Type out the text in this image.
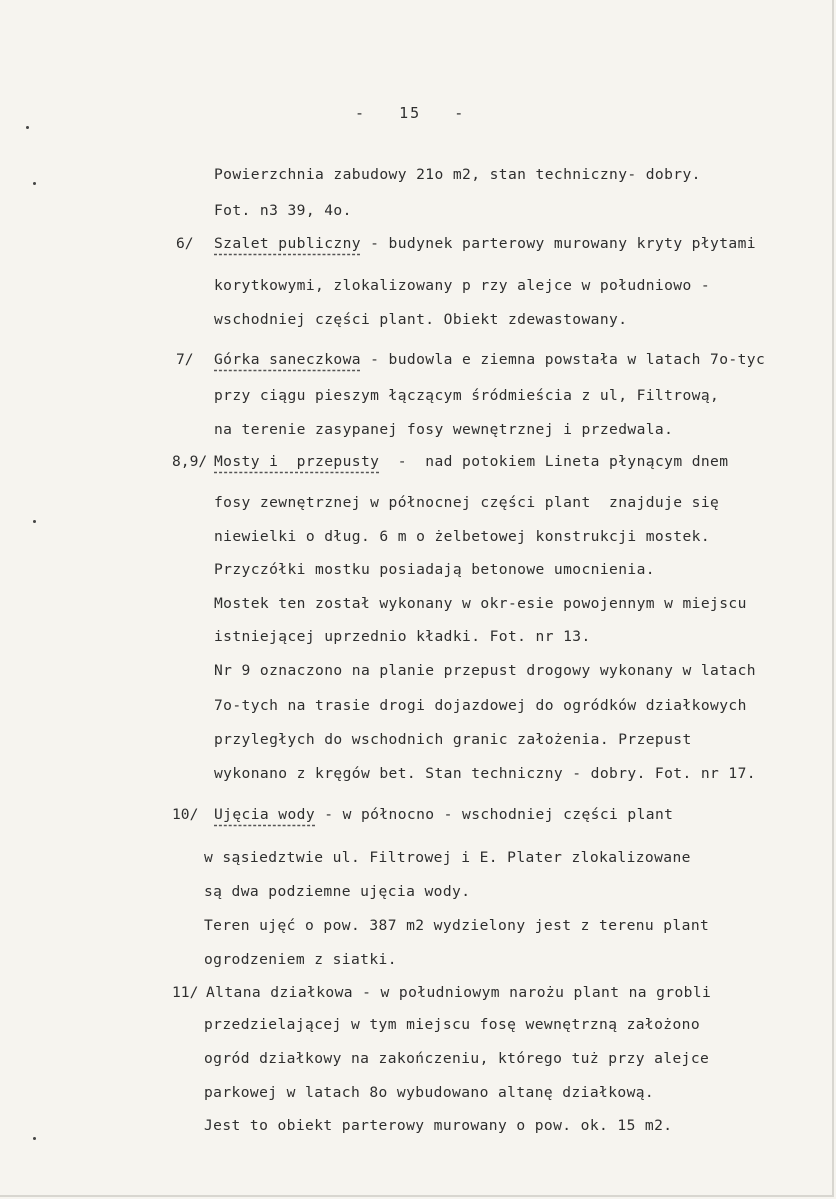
-   15   -
Powierzchnia zabudowy 21o m2, stan techniczny- dobry.
Fot. n3 39, 4o.
6/ Szalet publiczny - budynek parterowy murowany kryty płytami
korytkowymi, zlokalizowany p rzy alejce w południowo -
wschodniej części plant. Obiekt zdewastowany.
7/ Górka saneczkowa - budowla e ziemna powstała w latach 7o-tyc
przy ciągu pieszym łączącym śródmieścia z ul, Filtrową,
na terenie zasypanej fosy wewnętrznej i przedwala.
8,9/ Mosty i  przepusty  -  nad potokiem Lineta płynącym dnem
fosy zewnętrznej w północnej części plant  znajduje się
niewielki o dług. 6 m o żelbetowej konstrukcji mostek.
Przyczółki mostku posiadają betonowe umocnienia.
Mostek ten został wykonany w okr-esie powojennym w miejscu
istniejącej uprzednio kładki. Fot. nr 13.
Nr 9 oznaczono na planie przepust drogowy wykonany w latach
7o-tych na trasie drogi dojazdowej do ogródków działkowych
przyległych do wschodnich granic założenia. Przepust
wykonano z kręgów bet. Stan techniczny - dobry. Fot. nr 17.
10/ Ujęcia wody - w północno - wschodniej części plant
w sąsiedztwie ul. Filtrowej i E. Plater zlokalizowane
są dwa podziemne ujęcia wody.
Teren ujęć o pow. 387 m2 wydzielony jest z terenu plant
ogrodzeniem z siatki.
11/ Altana działkowa - w południowym narożu plant na grobli
przedzielającej w tym miejscu fosę wewnętrzną założono
ogród działkowy na zakończeniu, którego tuż przy alejce
parkowej w latach 8o wybudowano altanę działkową.
Jest to obiekt parterowy murowany o pow. ok. 15 m2.
